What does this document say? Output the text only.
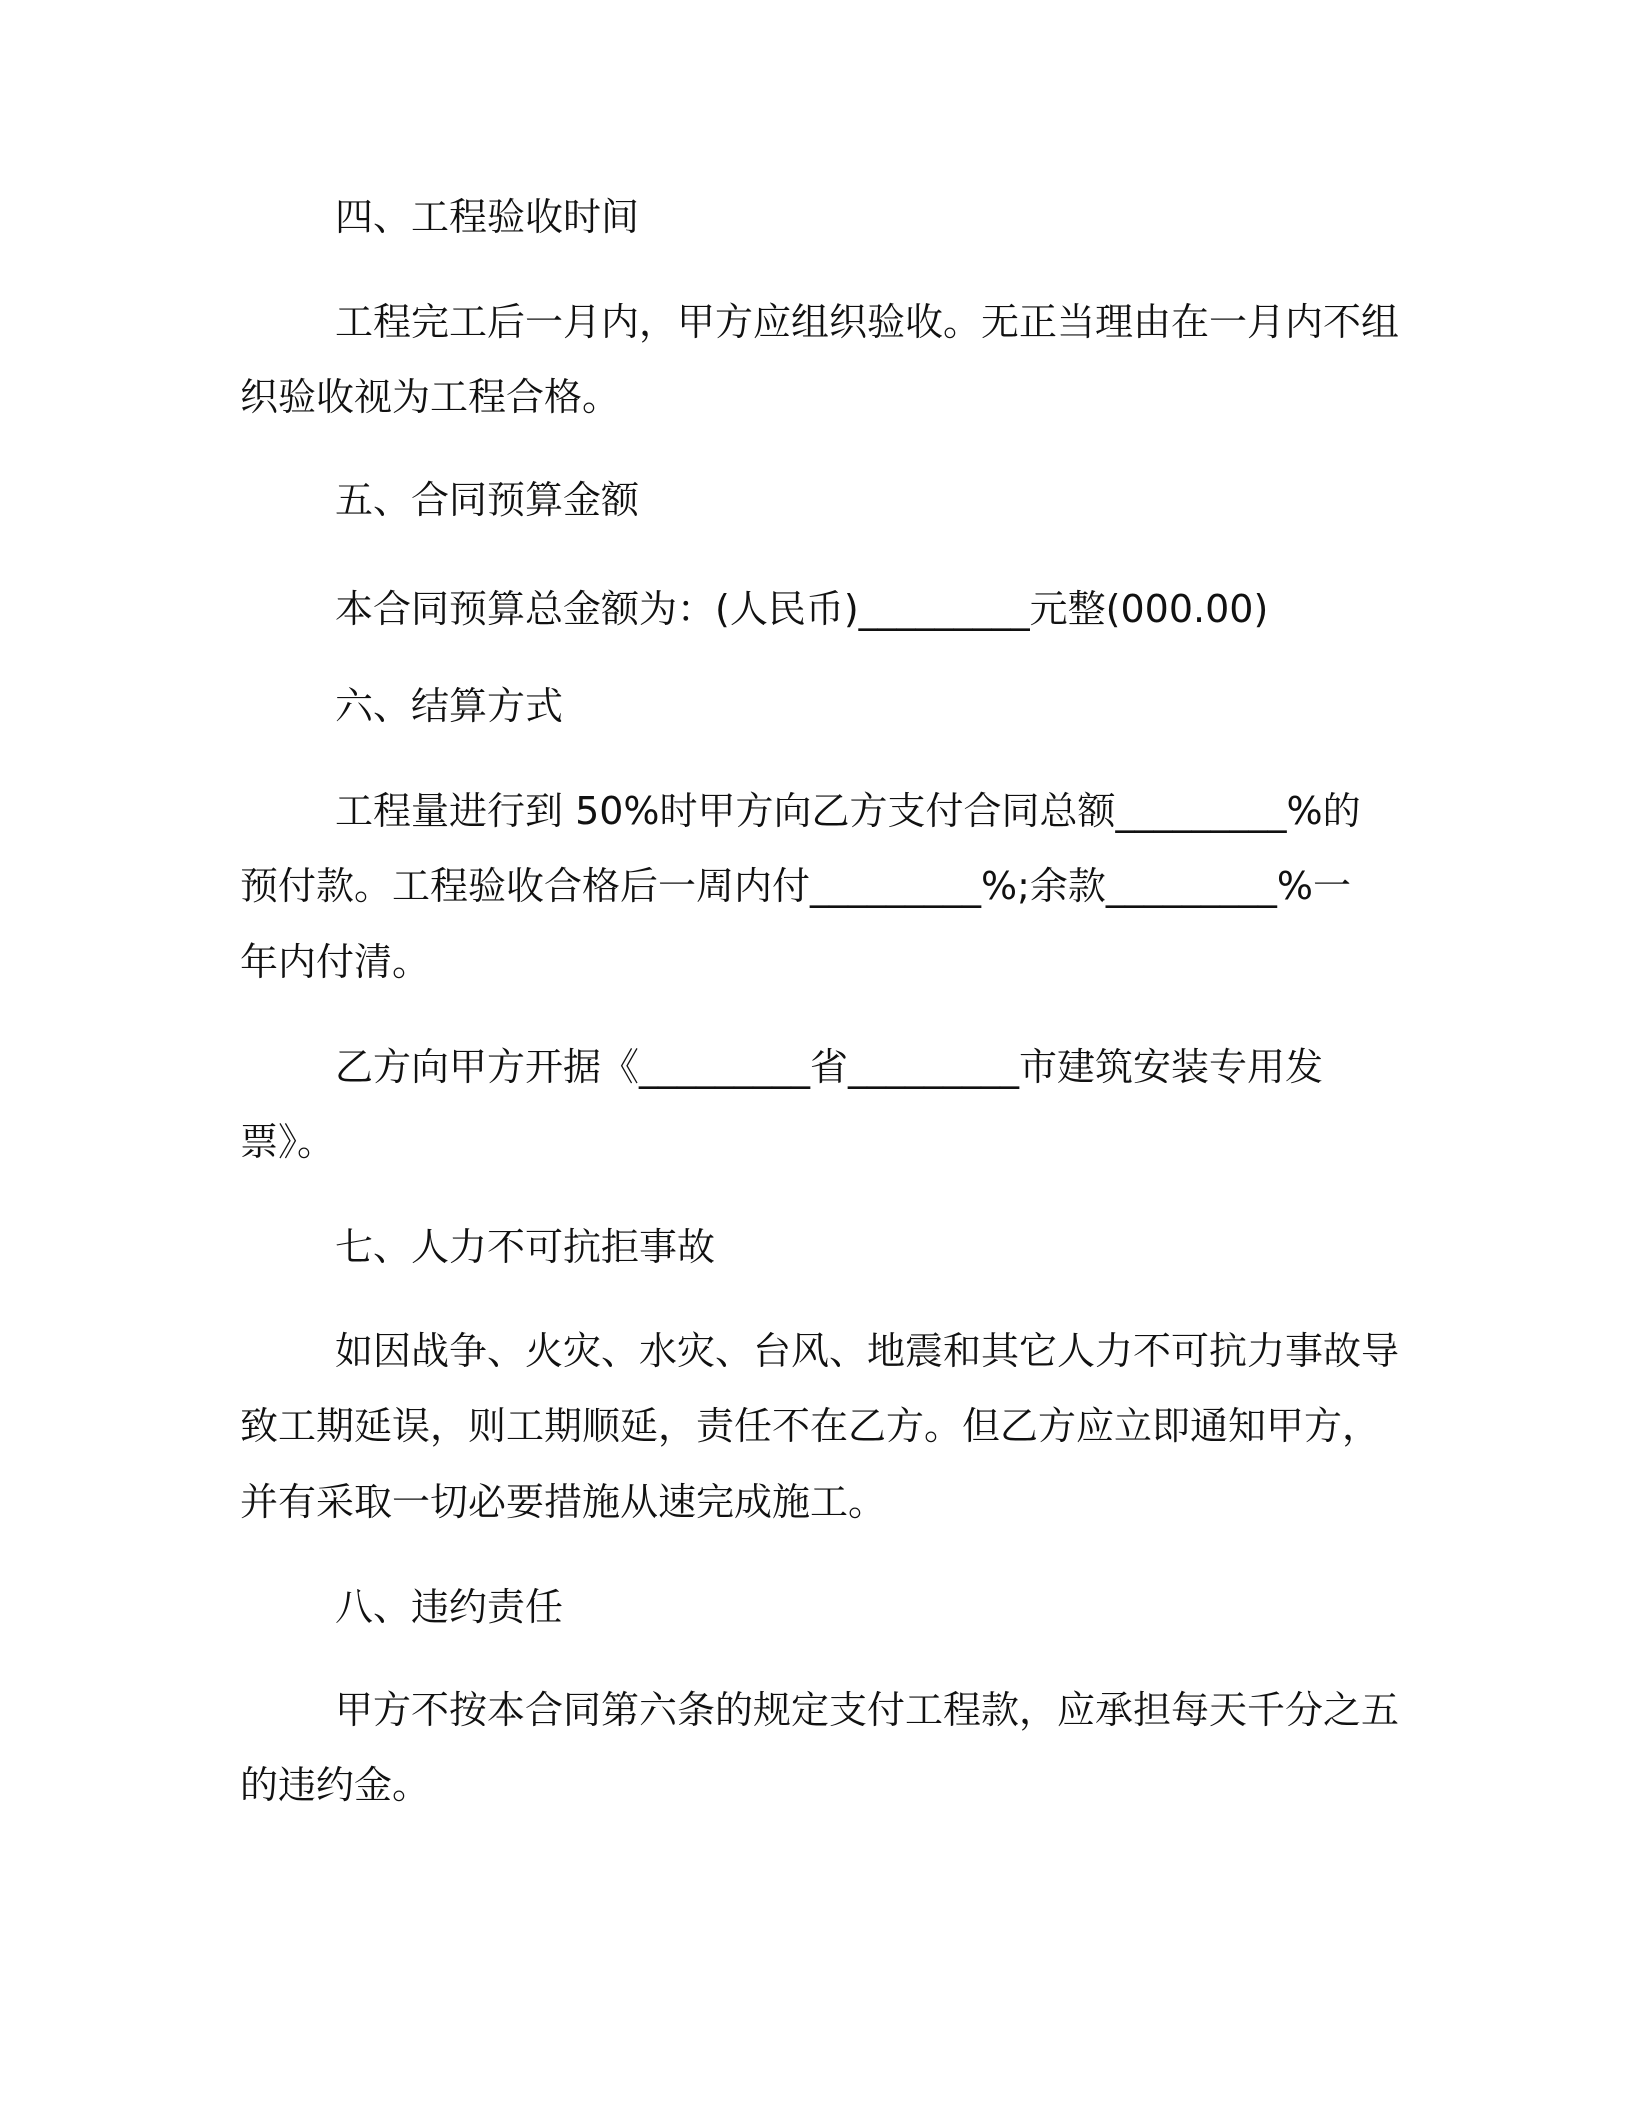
四、工程验收时间

工程完工后一月内，甲方应组织验收。无正当理由在一月内不组

织验收视为工程合格。

五、合同预算金额

本合同预算总金额为：(人民币)_________元整(000.00)

六、结算方式

工程量进行到 50%时甲方向乙方支付合同总额_________%的

预付款。工程验收合格后一周内付_________%;余款_________%一

年内付清。

乙方向甲方开据《_________省_________市建筑安装专用发

票》。

七、人力不可抗拒事故

如因战争、火灾、水灾、台风、地震和其它人力不可抗力事故导

致工期延误，则工期顺延，责任不在乙方。但乙方应立即通知甲方，

并有采取一切必要措施从速完成施工。

八、违约责任

甲方不按本合同第六条的规定支付工程款，应承担每天千分之五

的违约金。
